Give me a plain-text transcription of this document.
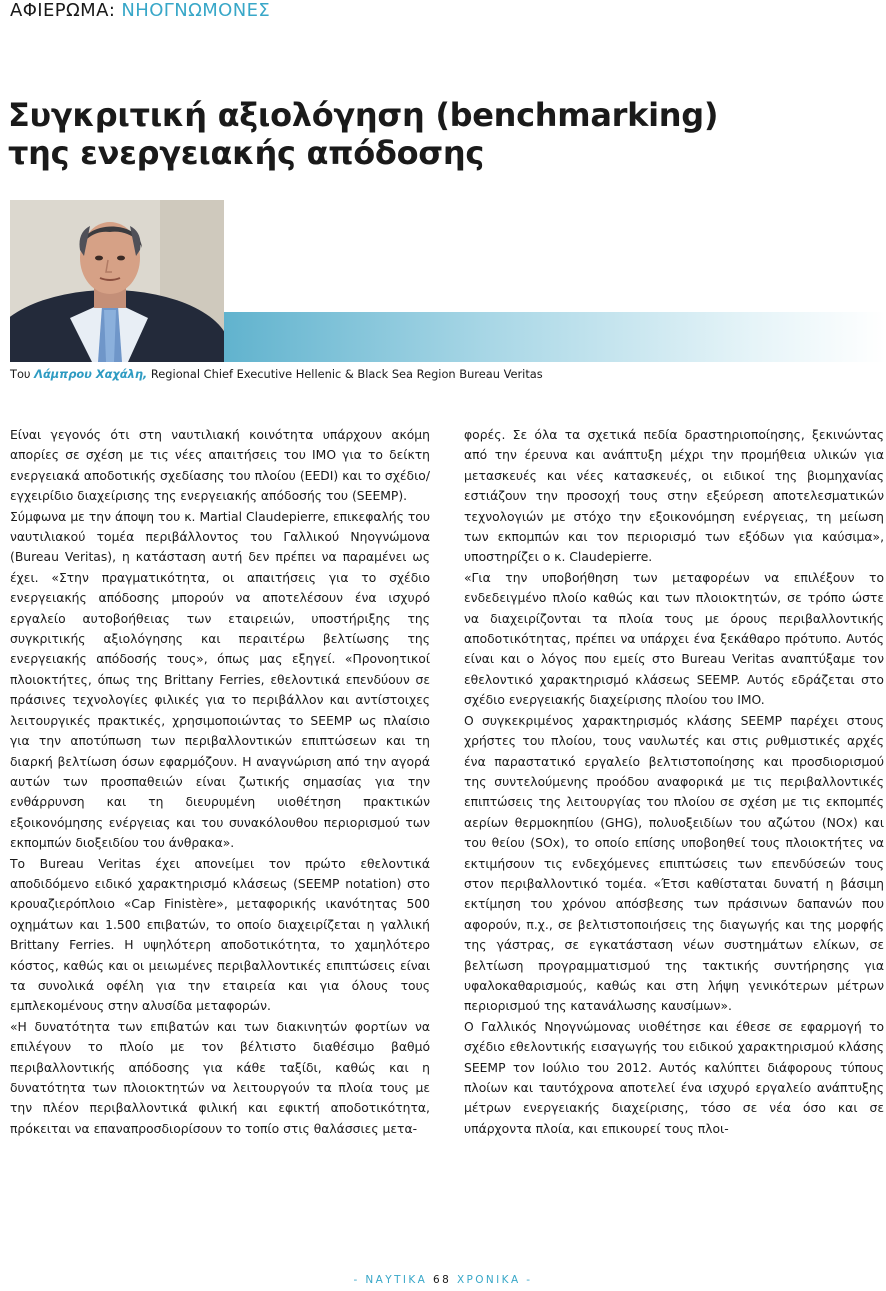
ΑΦΙΕΡΩΜΑ: ΝΗΟΓΝΩΜΟΝΕΣ
Συγκριτική αξιολόγηση (benchmarking)
της ενεργειακής απόδοσης
Του Λάμπρου Χαχάλη, Regional Chief Executive Hellenic & Black Sea Region Bureau Veritas

Είναι γεγονός ότι στη ναυτιλιακή κοινότητα υπάρχουν ακόμη απορίες σε σχέση με τις νέες απαιτήσεις του IMO για το δείκτη ενεργειακά αποδοτικής σχεδίασης του πλοίου (EEDI) και το σχέδιο/εγχειρίδιο διαχείρισης της ενεργειακής απόδοσής του (SEEMP).

Σύμφωνα με την άποψη του κ. Martial Claudepierre, επικεφαλής του ναυτιλιακού τομέα περιβάλλοντος του Γαλλικού Νηογνώμονα (Bureau Veritas), η κατάσταση αυτή δεν πρέπει να παραμένει ως έχει. «Στην πραγματικότητα, οι απαιτήσεις για το σχέδιο ενεργειακής απόδοσης μπορούν να αποτελέσουν ένα ισχυρό εργαλείο αυτοβοήθειας των εταιρειών, υποστήριξης της συγκριτικής αξιολόγησης και περαιτέρω βελτίωσης της ενεργειακής απόδοσής τους», όπως μας εξηγεί. «Προνοητικοί πλοιοκτήτες, όπως της Brittany Ferries, εθελοντικά επενδύουν σε πράσινες τεχνολογίες φιλικές για το περιβάλλον και αντίστοιχες λειτουργικές πρακτικές, χρησιμοποιώντας το SEEMP ως πλαίσιο για την αποτύπωση των περιβαλλοντικών επιπτώσεων και τη διαρκή βελτίωση όσων εφαρμόζουν. Η αναγνώριση από την αγορά αυτών των προσπαθειών είναι ζωτικής σημασίας για την ενθάρρυνση και τη διευρυμένη υιοθέτηση πρακτικών εξοικονόμησης ενέργειας και του συνακόλουθου περιορισμού των εκπομπών διοξειδίου του άνθρακα».

Το Bureau Veritas έχει απονείμει τον πρώτο εθελοντικά αποδιδόμενο ειδικό χαρακτηρισμό κλάσεως (SEEMP notation) στο κρουαζιερόπλοιο «Cap Finistère», μεταφορικής ικανότητας 500 οχημάτων και 1.500 επιβατών, το οποίο διαχειρίζεται η γαλλική Brittany Ferries. Η υψηλότερη αποδοτικότητα, το χαμηλότερο κόστος, καθώς και οι μειωμένες περιβαλλοντικές επιπτώσεις είναι τα συνολικά οφέλη για την εταιρεία και για όλους τους εμπλεκομένους στην αλυσίδα μεταφορών.

«Η δυνατότητα των επιβατών και των διακινητών φορτίων να επιλέγουν το πλοίο με τον βέλτιστο διαθέσιμο βαθμό περιβαλλοντικής απόδοσης για κάθε ταξίδι, καθώς και η δυνατότητα των πλοιοκτητών να λειτουργούν τα πλοία τους με την πλέον περιβαλλοντικά φιλική και εφικτή αποδοτικότητα, πρόκειται να επαναπροσδιορίσουν το τοπίο στις θαλάσσιες μετα-

φορές. Σε όλα τα σχετικά πεδία δραστηριοποίησης, ξεκινώντας από την έρευνα και ανάπτυξη μέχρι την προμήθεια υλικών για μετασκευές και νέες κατασκευές, οι ειδικοί της βιομηχανίας εστιάζουν την προσοχή τους στην εξεύρεση αποτελεσματικών τεχνολογιών με στόχο την εξοικονόμηση ενέργειας, τη μείωση των εκπομπών και τον περιορισμό των εξόδων για καύσιμα», υποστηρίζει ο κ. Claudepierre.

«Για την υποβοήθηση των μεταφορέων να επιλέξουν το ενδεδειγμένο πλοίο καθώς και των πλοιοκτητών, σε τρόπο ώστε να διαχειρίζονται τα πλοία τους με όρους περιβαλλοντικής αποδοτικότητας, πρέπει να υπάρχει ένα ξεκάθαρο πρότυπο. Αυτός είναι και ο λόγος που εμείς στο Bureau Veritas αναπτύξαμε τον εθελοντικό χαρακτηρισμό κλάσεως SEEMP. Αυτός εδράζεται στο σχέδιο ενεργειακής διαχείρισης πλοίου του IMO.

Ο συγκεκριμένος χαρακτηρισμός κλάσης SEEMP παρέχει στους χρήστες του πλοίου, τους ναυλωτές και στις ρυθμιστικές αρχές ένα παραστατικό εργαλείο βελτιστοποίησης και προσδιορισμού της συντελούμενης προόδου αναφορικά με τις περιβαλλοντικές επιπτώσεις της λειτουργίας του πλοίου σε σχέση με τις εκπομπές αερίων θερμοκηπίου (GHG), πολυοξειδίων του αζώτου (NOx) και του θείου (SOx), το οποίο επίσης υποβοηθεί τους πλοιοκτήτες να εκτιμήσουν τις ενδεχόμενες επιπτώσεις των επενδύσεών τους στον περιβαλλοντικό τομέα. «Έτσι καθίσταται δυνατή η βάσιμη εκτίμηση του χρόνου απόσβεσης των πράσινων δαπανών που αφορούν, π.χ., σε βελτιστοποιήσεις της διαγωγής και της μορφής της γάστρας, σε εγκατάσταση νέων συστημάτων ελίκων, σε βελτίωση προγραμματισμού της τακτικής συντήρησης για υφαλοκαθαρισμούς, καθώς και στη λήψη γενικότερων μέτρων περιορισμού της κατανάλωσης καυσίμων».

Ο Γαλλικός Νηογνώμονας υιοθέτησε και έθεσε σε εφαρμογή το σχέδιο εθελοντικής εισαγωγής του ειδικού χαρακτηρισμού κλάσης SEEMP τον Ιούλιο του 2012. Αυτός καλύπτει διάφορους τύπους πλοίων και ταυτόχρονα αποτελεί ένα ισχυρό εργαλείο ανάπτυξης μέτρων ενεργειακής διαχείρισης, τόσο σε νέα όσο και σε υπάρχοντα πλοία, και επικουρεί τους πλοι-

- ΝΑΥΤΙΚΑ 68 ΧΡΟΝΙΚΑ -
